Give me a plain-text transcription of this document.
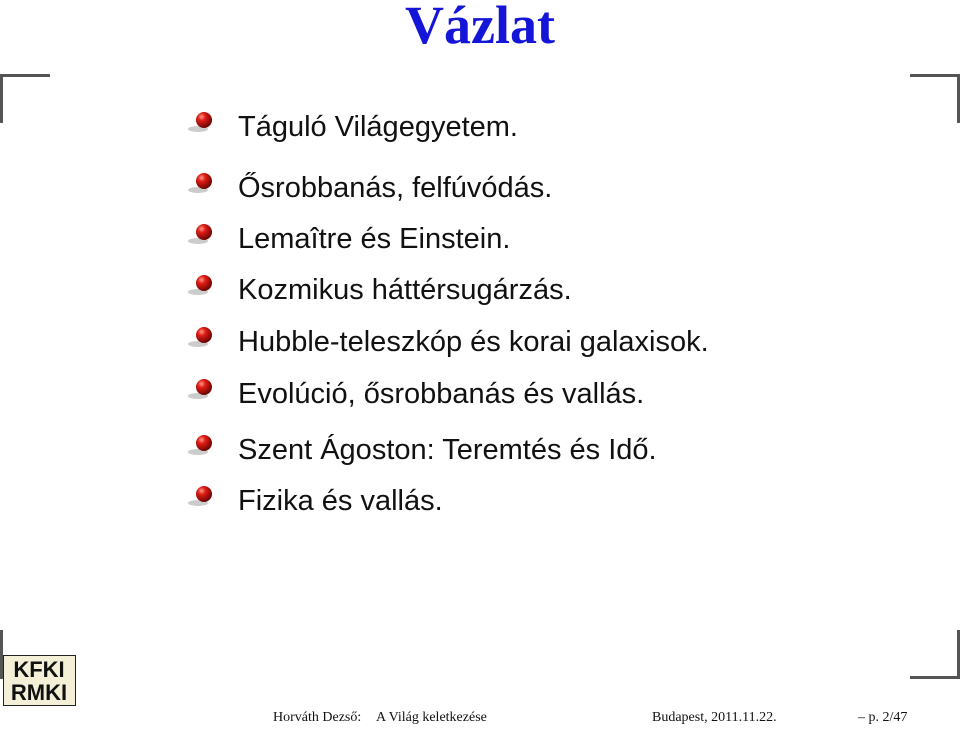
Vázlat
Táguló Világegyetem.
Ősrobbanás, felfúvódás.
Lemaître és Einstein.
Kozmikus háttérsugárzás.
Hubble-teleszkóp és korai galaxisok.
Evolúció, ősrobbanás és vallás.
Szent Ágoston: Teremtés és Idő.
Fizika és vallás.
KFKI
RMKI
Horváth Dezső: A Világ keletkezése	Budapest, 2011.11.22.	– p. 2/47
